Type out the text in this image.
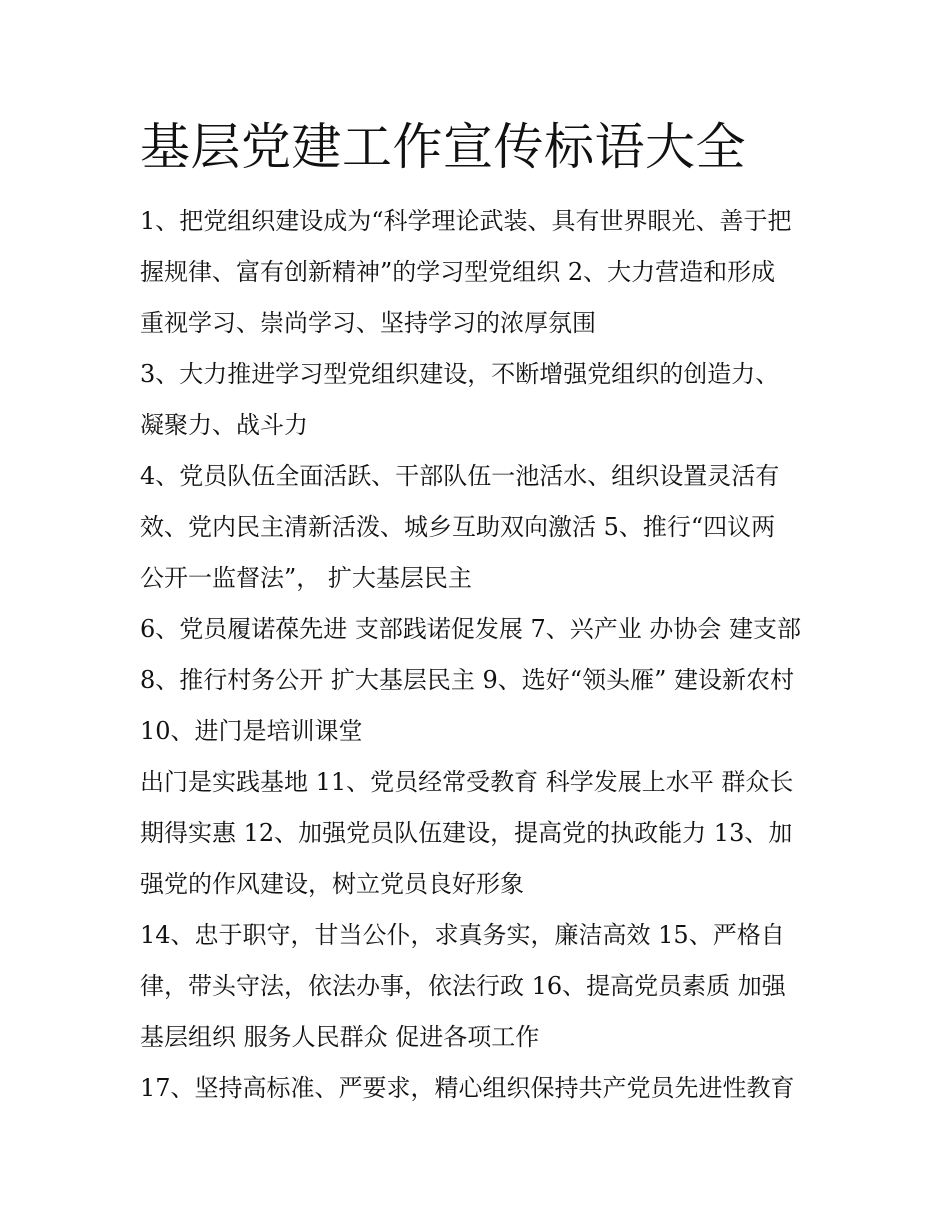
基层党建工作宣传标语大全
1、把党组织建设成为“科学理论武装、具有世界眼光、善于把
握规律、富有创新精神”的学习型党组织 2、大力营造和形成
重视学习、崇尚学习、坚持学习的浓厚氛围
3、大力推进学习型党组织建设，不断增强党组织的创造力、
凝聚力、战斗力
4、党员队伍全面活跃、干部队伍一池活水、组织设置灵活有
效、党内民主清新活泼、城乡互助双向激活 5、推行“四议两
公开一监督法”， 扩大基层民主
6、党员履诺葆先进 支部践诺促发展 7、兴产业 办协会 建支部
8、推行村务公开 扩大基层民主 9、选好“领头雁” 建设新农村
10、进门是培训课堂
出门是实践基地 11、党员经常受教育 科学发展上水平 群众长
期得实惠 12、加强党员队伍建设，提高党的执政能力 13、加
强党的作风建设，树立党员良好形象
14、忠于职守，甘当公仆，求真务实，廉洁高效 15、严格自
律，带头守法，依法办事，依法行政 16、提高党员素质 加强
基层组织 服务人民群众 促进各项工作
17、坚持高标准、严要求，精心组织保持共产党员先进性教育
